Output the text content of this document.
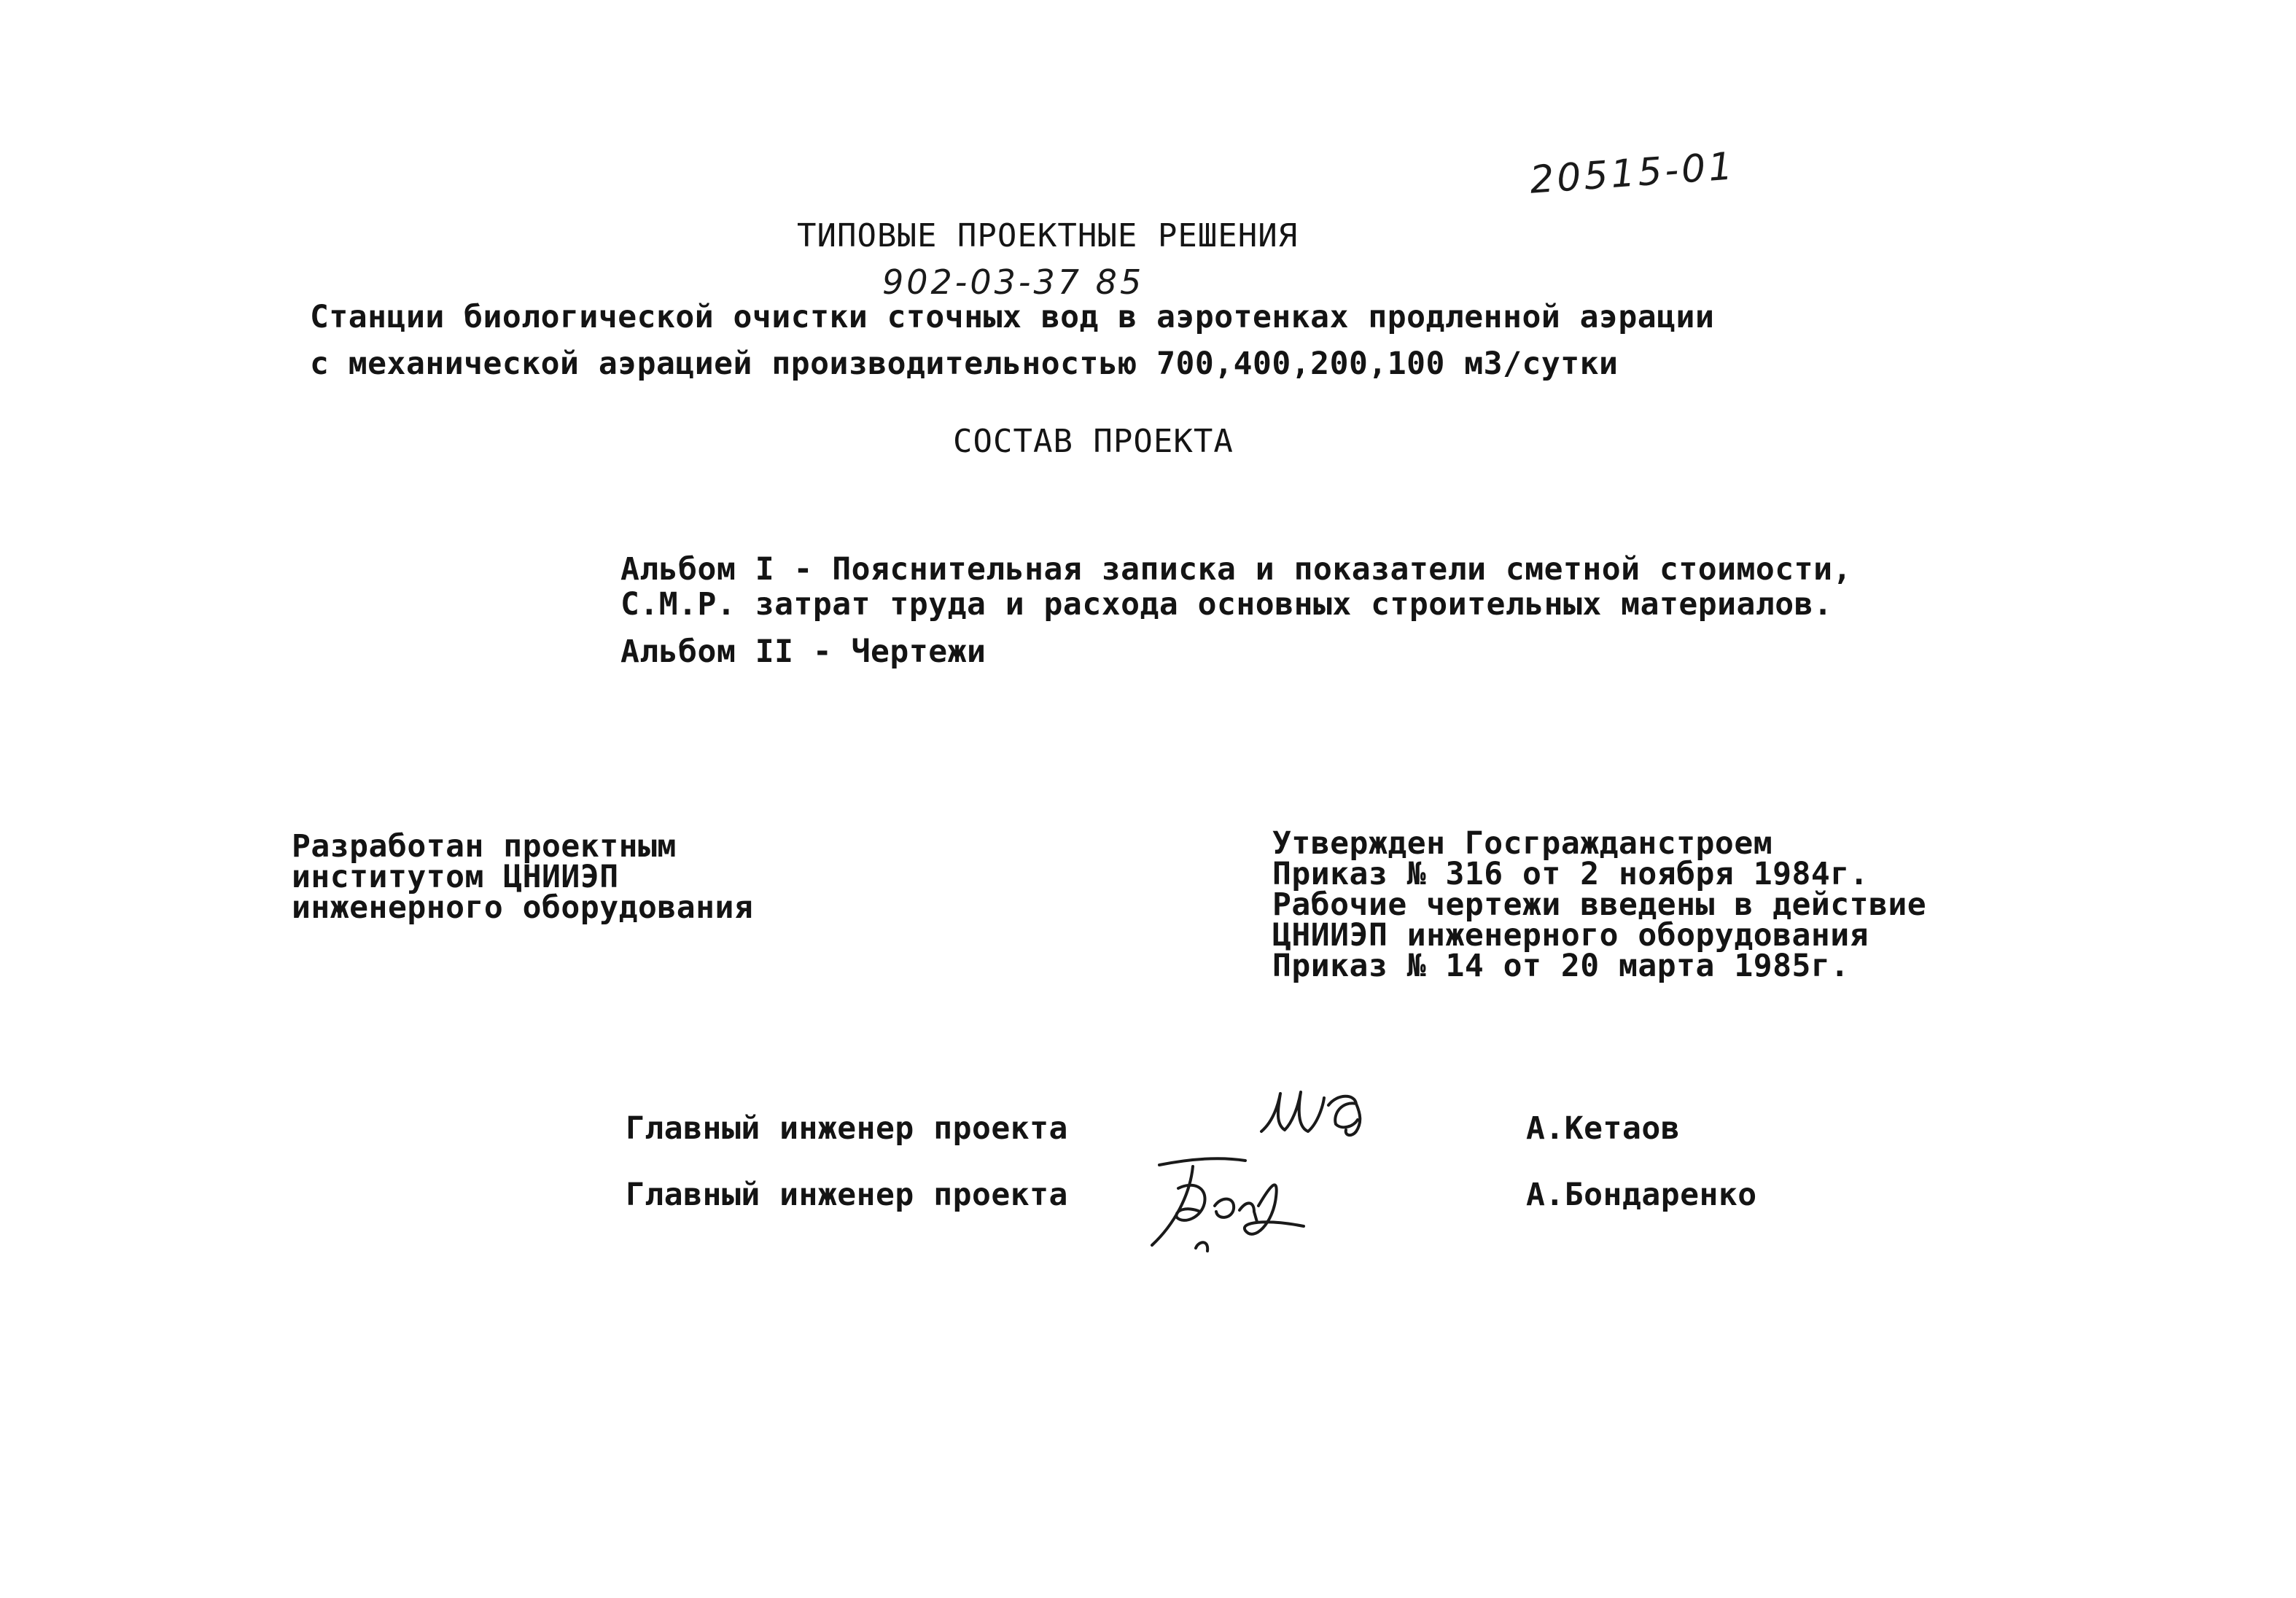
20515-01
ТИПОВЫЕ ПРОЕКТНЫЕ РЕШЕНИЯ
902-03-37 85
Станции биологической очистки сточных вод в аэротенках продленной аэрации
с механической аэрацией производительностью 700,400,200,100 м3/сутки
СОСТАВ ПРОЕКТА
Альбом I - Пояснительная записка и показатели сметной стоимости,
С.М.Р. затрат труда и расхода основных строительных материалов.
Альбом II - Чертежи
Разработан проектным
институтом ЦНИИЭП
инженерного оборудования
Утвержден Госгражданстроем
Приказ № 316 от 2 ноября 1984г.
Рабочие чертежи введены в действие
ЦНИИЭП инженерного оборудования
Приказ № 14 от 20 марта 1985г.
Главный инженер проекта	А.Кетаов
Главный инженер проекта	А.Бондаренко
